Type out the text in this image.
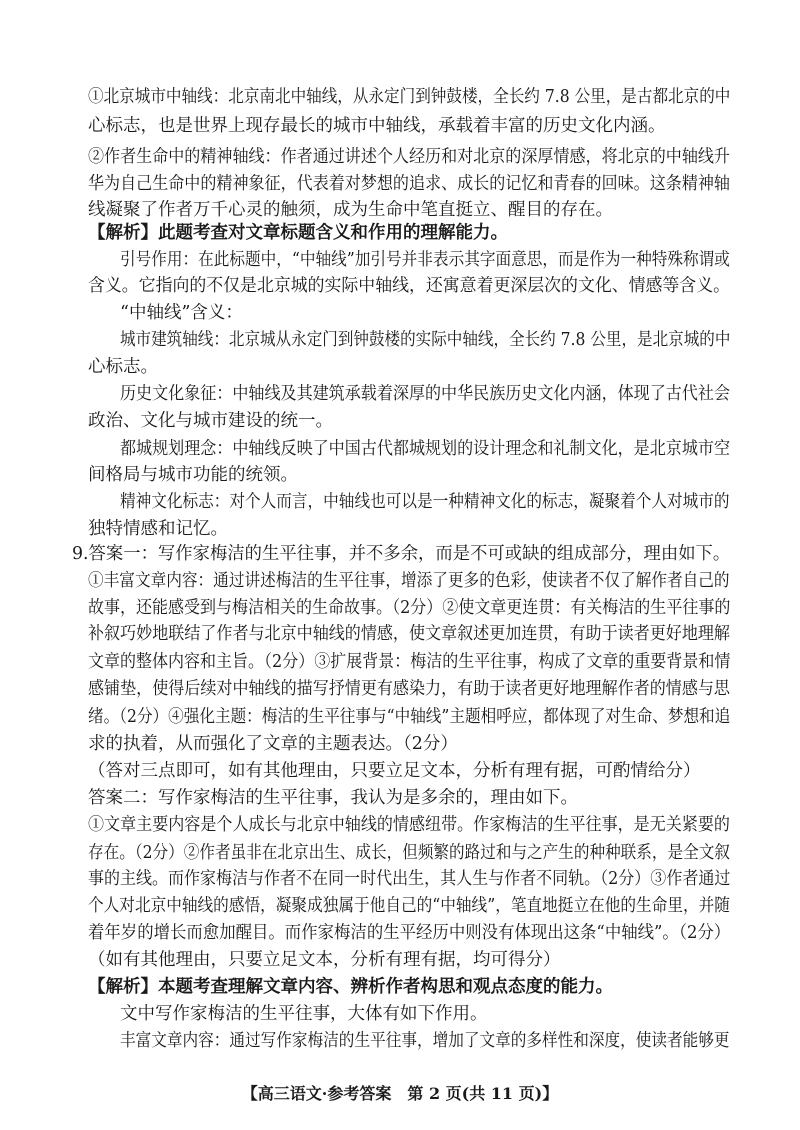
①北京城市中轴线：北京南北中轴线，从永定门到钟鼓楼，全长约 7.8 公里，是古都北京的中
心标志，也是世界上现存最长的城市中轴线，承载着丰富的历史文化内涵。
②作者生命中的精神轴线：作者通过讲述个人经历和对北京的深厚情感，将北京的中轴线升
华为自己生命中的精神象征，代表着对梦想的追求、成长的记忆和青春的回味。这条精神轴
线凝聚了作者万千心灵的触须，成为生命中笔直挺立、醒目的存在。
【解析】此题考查对文章标题含义和作用的理解能力。
引号作用：在此标题中，“中轴线”加引号并非表示其字面意思，而是作为一种特殊称谓或
含义。它指向的不仅是北京城的实际中轴线，还寓意着更深层次的文化、情感等含义。
“中轴线”含义：
城市建筑轴线：北京城从永定门到钟鼓楼的实际中轴线，全长约 7.8 公里，是北京城的中
心标志。
历史文化象征：中轴线及其建筑承载着深厚的中华民族历史文化内涵，体现了古代社会
政治、文化与城市建设的统一。
都城规划理念：中轴线反映了中国古代都城规划的设计理念和礼制文化，是北京城市空
间格局与城市功能的统领。
精神文化标志：对个人而言，中轴线也可以是一种精神文化的标志，凝聚着个人对城市的
独特情感和记忆。
9.答案一：写作家梅洁的生平往事，并不多余，而是不可或缺的组成部分，理由如下。
①丰富文章内容：通过讲述梅洁的生平往事，增添了更多的色彩，使读者不仅了解作者自己的
故事，还能感受到与梅洁相关的生命故事。（2分）②使文章更连贯：有关梅洁的生平往事的
补叙巧妙地联结了作者与北京中轴线的情感，使文章叙述更加连贯，有助于读者更好地理解
文章的整体内容和主旨。（2分）③扩展背景：梅洁的生平往事，构成了文章的重要背景和情
感铺垫，使得后续对中轴线的描写抒情更有感染力，有助于读者更好地理解作者的情感与思
绪。（2分）④强化主题：梅洁的生平往事与“中轴线”主题相呼应，都体现了对生命、梦想和追
求的执着，从而强化了文章的主题表达。（2分）
（答对三点即可，如有其他理由，只要立足文本，分析有理有据，可酌情给分）
答案二：写作家梅洁的生平往事，我认为是多余的，理由如下。
①文章主要内容是个人成长与北京中轴线的情感纽带。作家梅洁的生平往事，是无关紧要的
存在。（2分）②作者虽非在北京出生、成长，但频繁的路过和与之产生的种种联系，是全文叙
事的主线。而作家梅洁与作者不在同一时代出生，其人生与作者不同轨。（2分）③作者通过
个人对北京中轴线的感悟，凝聚成独属于他自己的“中轴线”，笔直地挺立在他的生命里，并随
着年岁的增长而愈加醒目。而作家梅洁的生平经历中则没有体现出这条“中轴线”。（2分）
（如有其他理由，只要立足文本，分析有理有据，均可得分）
【解析】本题考查理解文章内容、辨析作者构思和观点态度的能力。
文中写作家梅洁的生平往事，大体有如下作用。
丰富文章内容：通过写作家梅洁的生平往事，增加了文章的多样性和深度，使读者能够更
【高三语文·参考答案　第 2 页(共 11 页)】
